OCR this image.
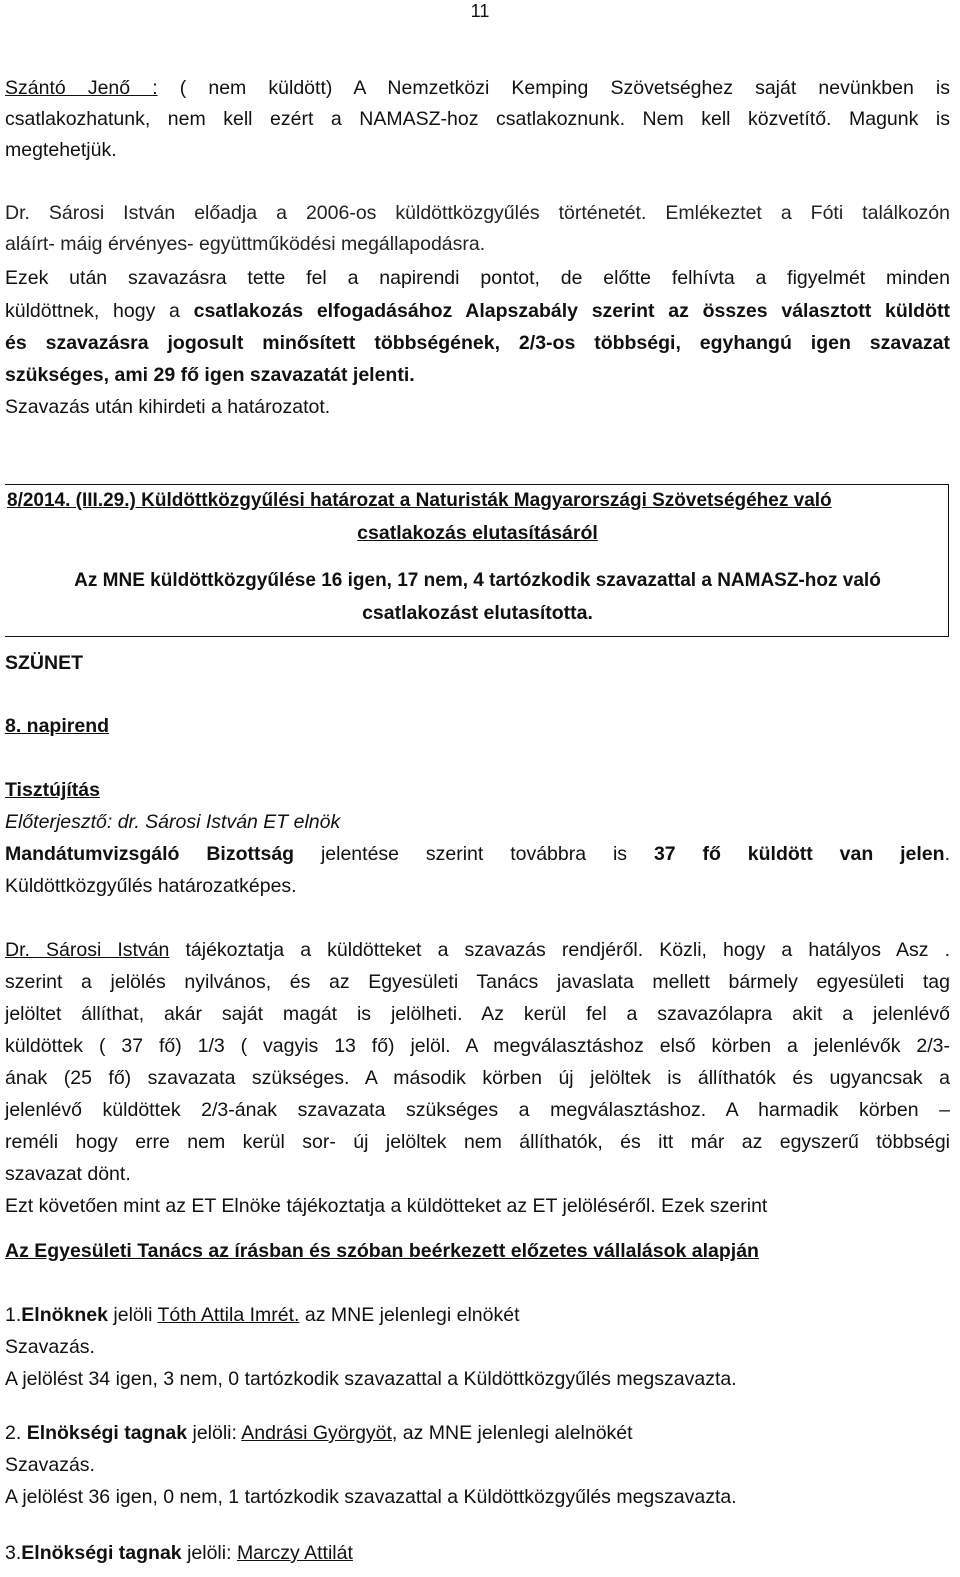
11
Szántó Jenő : ( nem küldött) A Nemzetközi Kemping Szövetséghez saját nevünkben is
csatlakozhatunk, nem kell ezért a NAMASZ-hoz csatlakoznunk. Nem kell közvetítő. Magunk is
megtehetjük.
Dr. Sárosi István előadja a 2006-os küldöttközgyűlés történetét. Emlékeztet a Fóti találkozón
aláírt- máig érvényes- együttműködési megállapodásra.
Ezek után szavazásra tette fel a napirendi pontot, de előtte felhívta a figyelmét minden
küldöttnek, hogy a csatlakozás elfogadásához Alapszabály szerint az összes választott küldött
és szavazásra jogosult minősített többségének, 2/3-os többségi, egyhangú igen szavazat
szükséges, ami 29 fő igen szavazatát jelenti.
Szavazás után kihirdeti a határozatot.
8/2014. (III.29.) Küldöttközgyűlési határozat a Naturisták Magyarországi Szövetségéhez való
csatlakozás elutasításáról
Az MNE küldöttközgyűlése 16 igen, 17 nem, 4 tartózkodik szavazattal a NAMASZ-hoz való
csatlakozást elutasította.
SZÜNET
8. napirend
Tisztújítás
Előterjesztő: dr. Sárosi István ET elnök
Mandátumvizsgáló Bizottság jelentése szerint továbbra is 37 fő küldött van jelen.
Küldöttközgyűlés határozatképes.
Dr. Sárosi István tájékoztatja a küldötteket a szavazás rendjéről. Közli, hogy a hatályos Asz .
szerint a jelölés nyilvános, és az Egyesületi Tanács javaslata mellett bármely egyesületi tag
jelöltet állíthat, akár saját magát is jelölheti. Az kerül fel a szavazólapra akit a jelenlévő
küldöttek ( 37 fő) 1/3 ( vagyis 13 fő) jelöl. A megválasztáshoz első körben a jelenlévők 2/3-
ának (25 fő) szavazata szükséges. A második körben új jelöltek is állíthatók és ugyancsak a
jelenlévő küldöttek 2/3-ának szavazata szükséges a megválasztáshoz. A harmadik körben –
reméli hogy erre nem kerül sor- új jelöltek nem állíthatók, és itt már az egyszerű többségi
szavazat dönt.
Ezt követően mint az ET Elnöke tájékoztatja a küldötteket az ET jelöléséről. Ezek szerint
Az Egyesületi Tanács az írásban és szóban beérkezett előzetes vállalások alapján
1.Elnöknek jelöli Tóth Attila Imrét. az MNE jelenlegi elnökét
Szavazás.
A jelölést 34 igen, 3 nem, 0 tartózkodik szavazattal a Küldöttközgyűlés megszavazta.
2. Elnökségi tagnak jelöli: Andrási Györgyöt, az MNE jelenlegi alelnökét
Szavazás.
A jelölést 36 igen, 0 nem, 1 tartózkodik szavazattal a Küldöttközgyűlés megszavazta.
3.Elnökségi tagnak jelöli: Marczy Attilát
